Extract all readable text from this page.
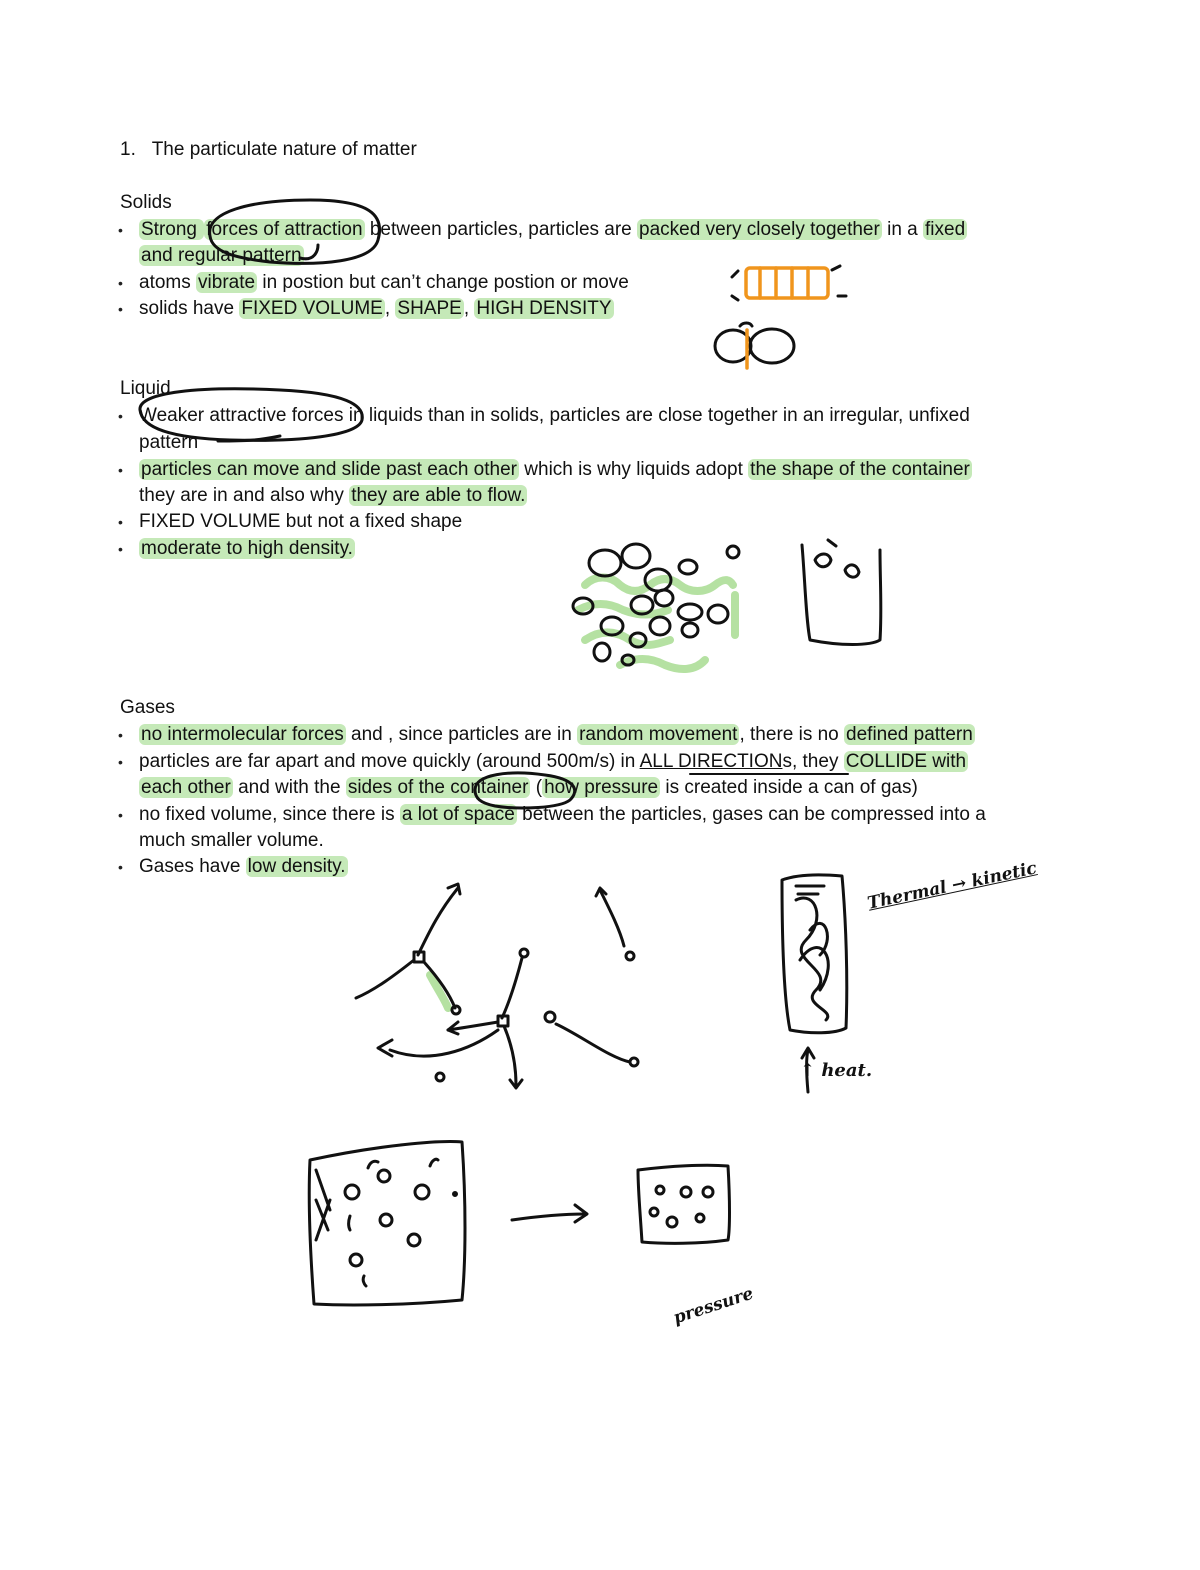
1. The particulate nature of matter
Solids
• Strong forces of attraction between particles, particles are packed very closely together in a fixed
and regular pattern
• atoms vibrate in postion but can’t change postion or move
• solids have FIXED VOLUME , SHAPE , HIGH DENSITY
Liquid
• Weaker attractive forces in liquids than in solids, particles are close together in an irregular, unfixed
pattern
• particles can move and slide past each other which is why liquids adopt the shape of the container
they are in and also why they are able to flow.
• FIXED VOLUME but not a fixed shape
• moderate to high density.
Gases
• no intermolecular forces and , since particles are in random movement , there is no defined pattern
• particles are far apart and move quickly (around 500m/s) in ALL DIRECTIONs, they COLLIDE with
each other and with the sides of the container ( how pressure is created inside a can of gas)
• no fixed volume, since there is a lot of space between the particles, gases can be compressed into a
much smaller volume.
• Gases have low density.	Thermal → kinetic
↑ heat.
pressure
